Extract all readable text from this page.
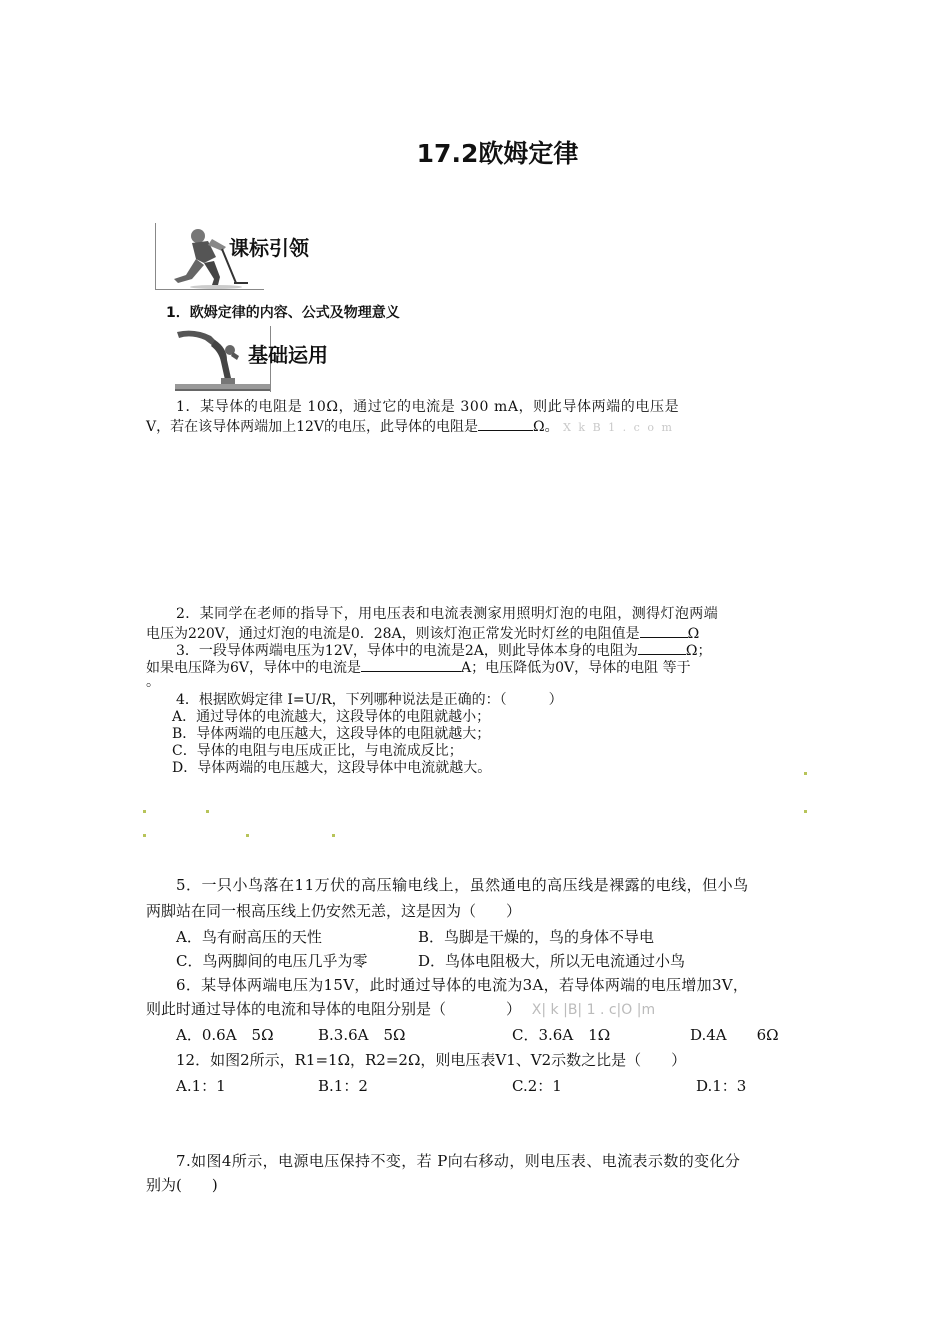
17.2欧姆定律
课标引领
1．欧姆定律的内容、公式及物理意义
基础运用
1．某导体的电阻是 10Ω，通过它的电流是 300 mA，则此导体两端的电压是
V，若在该导体两端加上12V的电压，此导体的电阻是	Ω。 X k B 1 . c o m
2．某同学在老师的指导下，用电压表和电流表测家用照明灯泡的电阻，测得灯泡两端
电压为220V，通过灯泡的电流是0．28A，则该灯泡正常发光时灯丝的电阻值是	Ω
3．一段导体两端电压为12V，导体中的电流是2A，则此导体本身的电阻为	Ω；
如果电压降为6V，导体中的电流是	A；电压降低为0V，导体的电阻 等于
。
4．根据欧姆定律 I=U/R，下列哪种说法是正确的：（　　　）
A．通过导体的电流越大，这段导体的电阻就越小；
B．导体两端的电压越大，这段导体的电阻就越大；
C．导体的电阻与电压成正比，与电流成反比；
D．导体两端的电压越大，这段导体中电流就越大。
5．一只小鸟落在11万伏的高压输电线上，虽然通电的高压线是裸露的电线，但小鸟
两脚站在同一根高压线上仍安然无恙，这是因为（　　）
A．鸟有耐高压的天性	B．鸟脚是干燥的，鸟的身体不导电
C．鸟两脚间的电压几乎为零	D．鸟体电阻极大，所以无电流通过小鸟
6．某导体两端电压为15V，此时通过导体的电流为3A，若导体两端的电压增加3V，
则此时通过导体的电流和导体的电阻分别是（　　　　） X| k |B| 1 . c|O |m
A．0.6A　5Ω	B.3.6A　5Ω	C．3.6A　1Ω	D.4A　　6Ω
12．如图2所示，R1=1Ω，R2=2Ω，则电压表V1、V2示数之比是（　　）
A.1：1	B.1：2	C.2：1	D.1：3
7.如图4所示，电源电压保持不变，若 P向右移动，则电压表、电流表示数的变化分
别为(　　)
